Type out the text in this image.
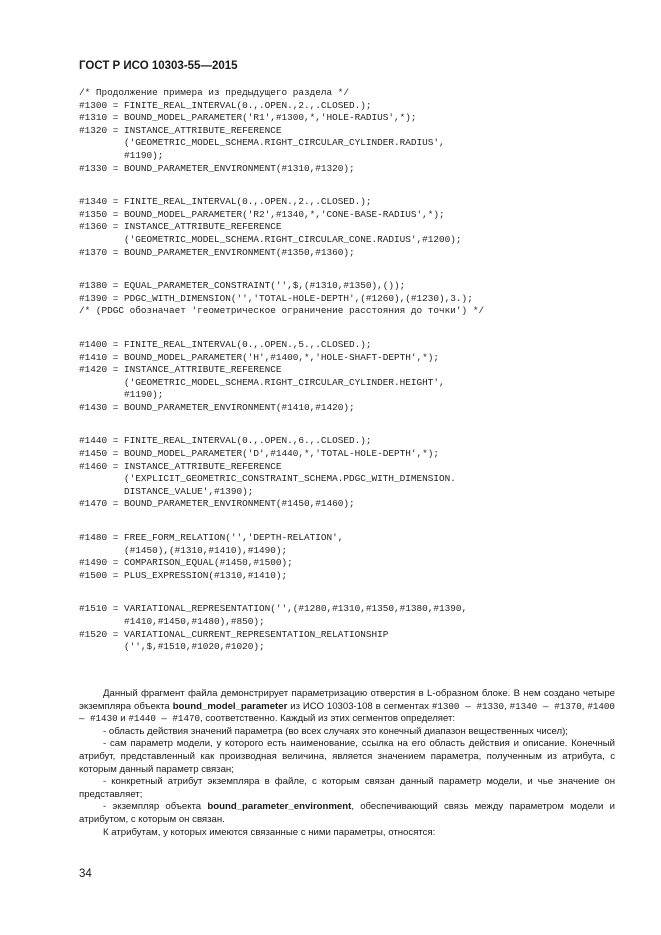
ГОСТ Р ИСО 10303-55—2015
/* Продолжение примера из предыдущего раздела */
#1300 = FINITE_REAL_INTERVAL(0.,.OPEN.,2.,.CLOSED.);
#1310 = BOUND_MODEL_PARAMETER('R1',#1300,*,'HOLE-RADIUS',*);
#1320 = INSTANCE_ATTRIBUTE_REFERENCE
('GEOMETRIC_MODEL_SCHEMA.RIGHT_CIRCULAR_CYLINDER.RADIUS',
#1190);
#1330 = BOUND_PARAMETER_ENVIRONMENT(#1310,#1320);
#1340 = FINITE_REAL_INTERVAL(0.,.OPEN.,2.,.CLOSED.);
#1350 = BOUND_MODEL_PARAMETER('R2',#1340,*,'CONE-BASE-RADIUS',*);
#1360 = INSTANCE_ATTRIBUTE_REFERENCE
('GEOMETRIC_MODEL_SCHEMA.RIGHT_CIRCULAR_CONE.RADIUS',#1200);
#1370 = BOUND_PARAMETER_ENVIRONMENT(#1350,#1360);
#1380 = EQUAL_PARAMETER_CONSTRAINT('',$,(#1310,#1350),());
#1390 = PDGC_WITH_DIMENSION('','TOTAL-HOLE-DEPTH',(#1260),(#1230),3.);
/* (PDGC обозначает 'геометрическое ограничение расстояния до точки') */
#1400 = FINITE_REAL_INTERVAL(0.,.OPEN.,5.,.CLOSED.);
#1410 = BOUND_MODEL_PARAMETER('H',#1400,*,'HOLE-SHAFT-DEPTH',*);
#1420 = INSTANCE_ATTRIBUTE_REFERENCE
('GEOMETRIC_MODEL_SCHEMA.RIGHT_CIRCULAR_CYLINDER.HEIGHT',
#1190);
#1430 = BOUND_PARAMETER_ENVIRONMENT(#1410,#1420);
#1440 = FINITE_REAL_INTERVAL(0.,.OPEN.,6.,.CLOSED.);
#1450 = BOUND_MODEL_PARAMETER('D',#1440,*,'TOTAL-HOLE-DEPTH',*);
#1460 = INSTANCE_ATTRIBUTE_REFERENCE
('EXPLICIT_GEOMETRIC_CONSTRAINT_SCHEMA.PDGC_WITH_DIMENSION.
DISTANCE_VALUE',#1390);
#1470 = BOUND_PARAMETER_ENVIRONMENT(#1450,#1460);
#1480 = FREE_FORM_RELATION('','DEPTH-RELATION',
(#1450),(#1310,#1410),#1490);
#1490 = COMPARISON_EQUAL(#1450,#1500);
#1500 = PLUS_EXPRESSION(#1310,#1410);
#1510 = VARIATIONAL_REPRESENTATION('',(#1280,#1310,#1350,#1380,#1390,
#1410,#1450,#1480),#850);
#1520 = VARIATIONAL_CURRENT_REPRESENTATION_RELATIONSHIP
('',$,#1510,#1020,#1020);

Данный фрагмент файла демонстрирует параметризацию отверстия в L-образном блоке. В нем создано четыре экземпляра объекта bound_model_parameter из ИСО 10303-108 в сегментах #1300 — #1330, #1340 — #1370, #1400 — #1430 и #1440 — #1470, соответственно. Каждый из этих сегментов определяет:

- область действия значений параметра (во всех случаях это конечный диапазон вещественных чисел);

- сам параметр модели, у которого есть наименование, ссылка на его область действия и описание. Конечный атрибут, представленный как производная величина, является значением параметра, полученным из атрибута, с которым данный параметр связан;

- конкретный атрибут экземпляра в файле, с которым связан данный параметр модели, и чье значение он представляет;

- экземпляр объекта bound_parameter_environment, обеспечивающий связь между параметром модели и атрибутом, с которым он связан.

К атрибутам, у которых имеются связанные с ними параметры, относятся:

34
